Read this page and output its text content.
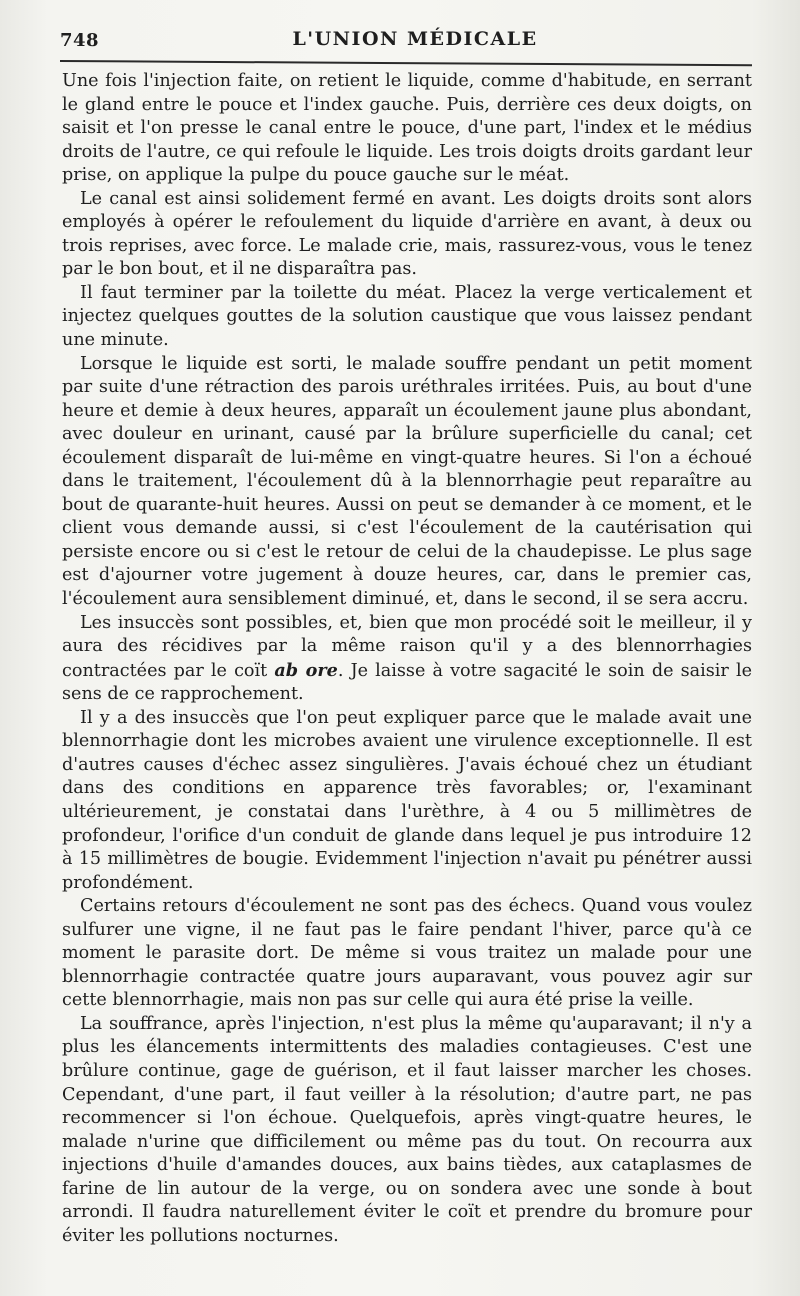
748	L'UNION MÉDICALE

Une fois l'injection faite, on retient le liquide, comme d'habitude, en serrant le gland entre le pouce et l'index gauche. Puis, derrière ces deux doigts, on saisit et l'on presse le canal entre le pouce, d'une part, l'index et le médius droits de l'autre, ce qui refoule le liquide. Les trois doigts droits gardant leur prise, on applique la pulpe du pouce gauche sur le méat.

Le canal est ainsi solidement fermé en avant. Les doigts droits sont alors employés à opérer le refoulement du liquide d'arrière en avant, à deux ou trois reprises, avec force. Le malade crie, mais, rassurez-vous, vous le tenez par le bon bout, et il ne disparaîtra pas.

Il faut terminer par la toilette du méat. Placez la verge verticalement et injectez quelques gouttes de la solution caustique que vous laissez pendant une minute.

Lorsque le liquide est sorti, le malade souffre pendant un petit moment par suite d'une rétraction des parois uréthrales irritées. Puis, au bout d'une heure et demie à deux heures, apparaît un écoulement jaune plus abondant, avec douleur en urinant, causé par la brûlure superficielle du canal; cet écoulement disparaît de lui-même en vingt-quatre heures. Si l'on a échoué dans le traitement, l'écoulement dû à la blennorrhagie peut reparaître au bout de quarante-huit heures. Aussi on peut se demander à ce moment, et le client vous demande aussi, si c'est l'écoulement de la cautérisation qui persiste encore ou si c'est le retour de celui de la chaudepisse. Le plus sage est d'ajourner votre jugement à douze heures, car, dans le premier cas, l'écoulement aura sensiblement diminué, et, dans le second, il se sera accru.

Les insuccès sont possibles, et, bien que mon procédé soit le meilleur, il y aura des récidives par la même raison qu'il y a des blennorrhagies contractées par le coït ab ore. Je laisse à votre sagacité le soin de saisir le sens de ce rapprochement.

Il y a des insuccès que l'on peut expliquer parce que le malade avait une blennorrhagie dont les microbes avaient une virulence exceptionnelle. Il est d'autres causes d'échec assez singulières. J'avais échoué chez un étudiant dans des conditions en apparence très favorables; or, l'examinant ultérieurement, je constatai dans l'urèthre, à 4 ou 5 millimètres de profondeur, l'orifice d'un conduit de glande dans lequel je pus introduire 12 à 15 millimètres de bougie. Evidemment l'injection n'avait pu pénétrer aussi profondément.

Certains retours d'écoulement ne sont pas des échecs. Quand vous voulez sulfurer une vigne, il ne faut pas le faire pendant l'hiver, parce qu'à ce moment le parasite dort. De même si vous traitez un malade pour une blennorrhagie contractée quatre jours auparavant, vous pouvez agir sur cette blennorrhagie, mais non pas sur celle qui aura été prise la veille.

La souffrance, après l'injection, n'est plus la même qu'auparavant; il n'y a plus les élancements intermittents des maladies contagieuses. C'est une brûlure continue, gage de guérison, et il faut laisser marcher les choses. Cependant, d'une part, il faut veiller à la résolution; d'autre part, ne pas recommencer si l'on échoue. Quelquefois, après vingt-quatre heures, le malade n'urine que difficilement ou même pas du tout. On recourra aux injections d'huile d'amandes douces, aux bains tièdes, aux cataplasmes de farine de lin autour de la verge, ou on sondera avec une sonde à bout arrondi. Il faudra naturellement éviter le coït et prendre du bromure pour éviter les pollutions nocturnes.
